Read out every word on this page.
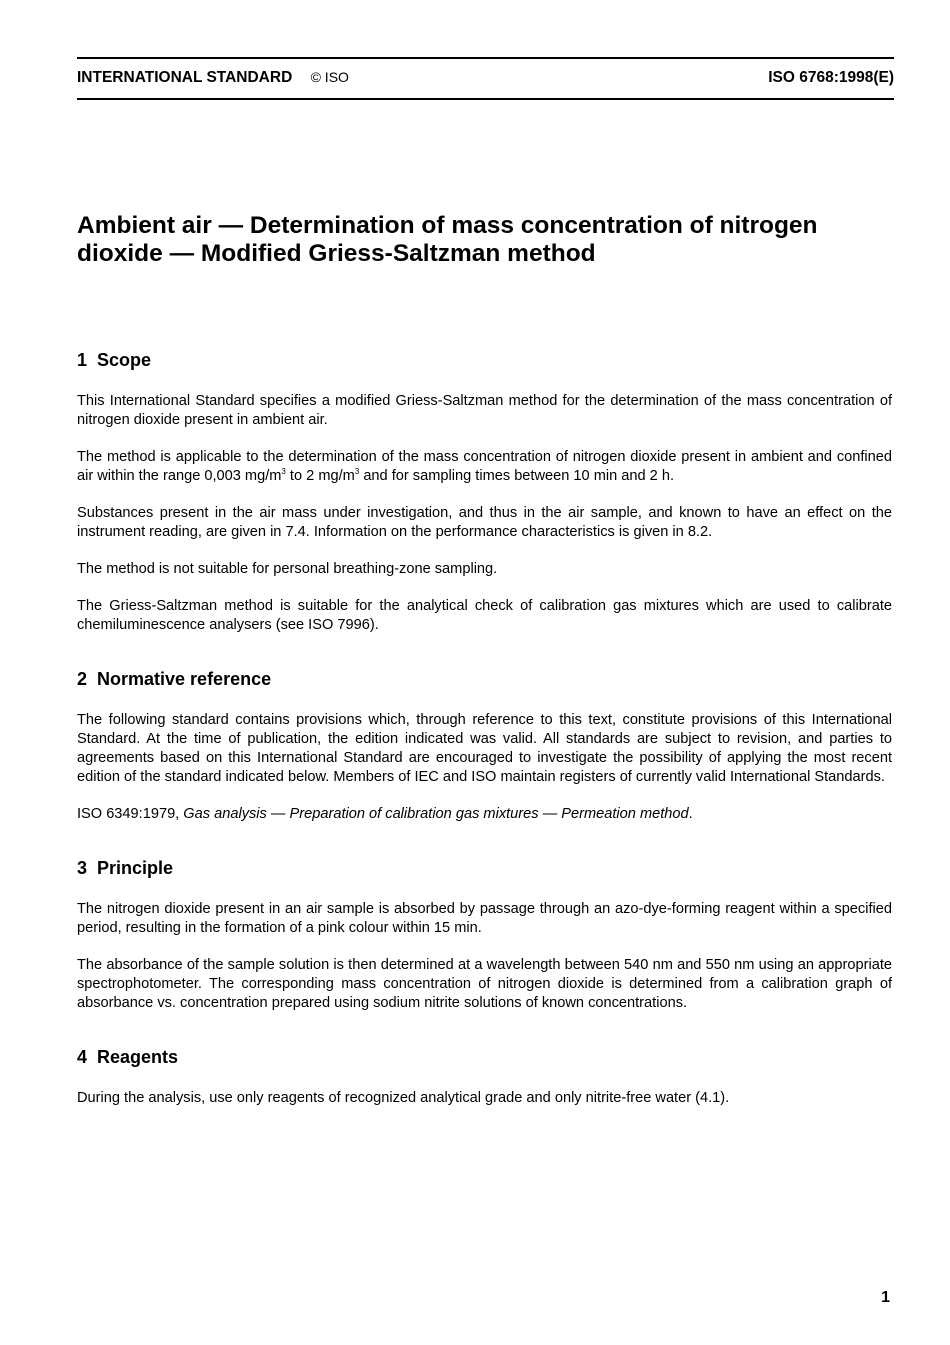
INTERNATIONAL STANDARD © ISO	ISO 6768:1998(E)
Ambient air — Determination of mass concentration of nitrogen
dioxide — Modified Griess-Saltzman method
1 Scope

This International Standard specifies a modified Griess-Saltzman method for the determination of the mass concentration of nitrogen dioxide present in ambient air.

The method is applicable to the determination of the mass concentration of nitrogen dioxide present in ambient and confined air within the range 0,003 $mg/m^3$ to 2 $mg/m^3$ and for sampling times between 10 min and 2 h.

Substances present in the air mass under investigation, and thus in the air sample, and known to have an effect on the instrument reading, are given in 7.4. Information on the performance characteristics is given in 8.2.

The method is not suitable for personal breathing-zone sampling.

The Griess-Saltzman method is suitable for the analytical check of calibration gas mixtures which are used to calibrate chemiluminescence analysers (see ISO 7996).

2 Normative reference

The following standard contains provisions which, through reference to this text, constitute provisions of this International Standard. At the time of publication, the edition indicated was valid. All standards are subject to revision, and parties to agreements based on this International Standard are encouraged to investigate the possibility of applying the most recent edition of the standard indicated below. Members of IEC and ISO maintain registers of currently valid International Standards.

ISO 6349:1979, Gas analysis — Preparation of calibration gas mixtures — Permeation method.

3 Principle

The nitrogen dioxide present in an air sample is absorbed by passage through an azo-dye-forming reagent within a specified period, resulting in the formation of a pink colour within 15 min.

The absorbance of the sample solution is then determined at a wavelength between 540 nm and 550 nm using an appropriate spectrophotometer. The corresponding mass concentration of nitrogen dioxide is determined from a calibration graph of absorbance vs. concentration prepared using sodium nitrite solutions of known concentrations.

4 Reagents

During the analysis, use only reagents of recognized analytical grade and only nitrite-free water (4.1).

1
